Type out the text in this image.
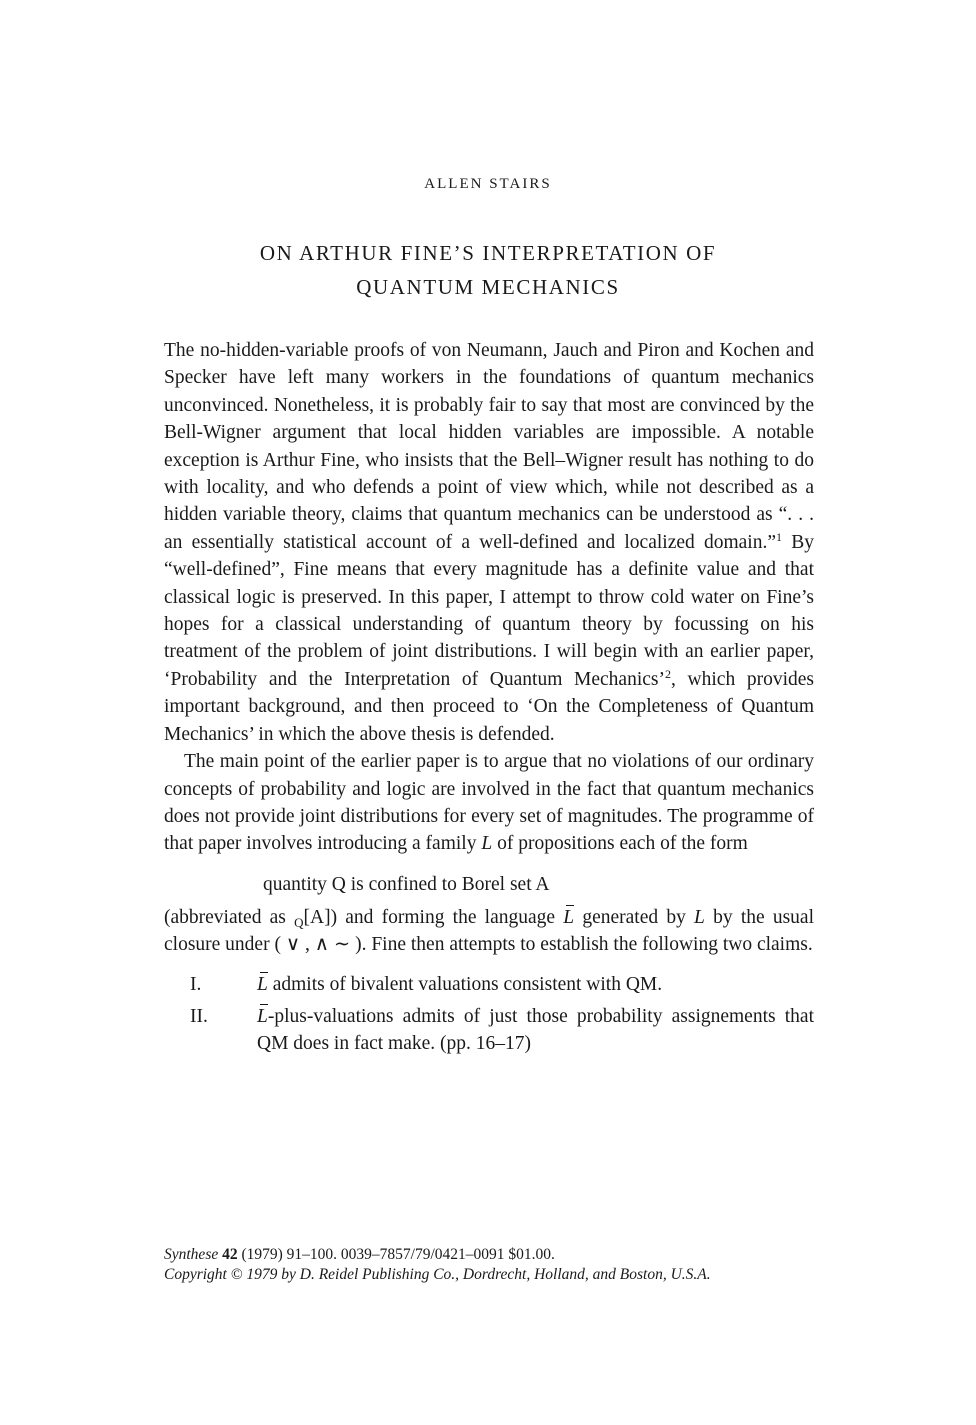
ALLEN STAIRS
ON ARTHUR FINE’S INTERPRETATION OF
QUANTUM MECHANICS

The no-hidden-variable proofs of von Neumann, Jauch and Piron and Kochen and Specker have left many workers in the foundations of quantum mechanics unconvinced. Nonetheless, it is probably fair to say that most are convinced by the Bell-Wigner argument that local hidden variables are impossible. A notable exception is Arthur Fine, who insists that the Bell–Wigner result has nothing to do with locality, and who defends a point of view which, while not described as a hidden variable theory, claims that quantum mechanics can be understood as “. . . an essentially statistical account of a well-defined and localized domain.”$^1$ By “well-defined”, Fine means that every magnitude has a definite value and that classical logic is preserved. In this paper, I attempt to throw cold water on Fine’s hopes for a classical understanding of quantum theory by focussing on his treatment of the problem of joint distributions. I will begin with an earlier paper, ‘Probability and the Interpretation of Quantum Mechanics’$^2$, which provides important background, and then proceed to ‘On the Completeness of Quantum Mechanics’ in which the above thesis is defended.

The main point of the earlier paper is to argue that no violations of our ordinary concepts of probability and logic are involved in the fact that quantum mechanics does not provide joint distributions for every set of magnitudes. The programme of that paper involves introducing a family L of propositions each of the form

quantity Q is confined to Borel set A

(abbreviated as $_Q$[A]) and forming the language L generated by L by the usual closure under ( ∨ , ∧ ∼ ). Fine then attempts to establish the following two claims.

I.	L admits of bivalent valuations consistent with QM.
II.	L-plus-valuations admits of just those probability assignements that QM does in fact make. (pp. 16–17)
Synthese 42 (1979) 91–100. 0039–7857/79/0421–0091 $01.00.
Copyright © 1979 by D. Reidel Publishing Co., Dordrecht, Holland, and Boston, U.S.A.
